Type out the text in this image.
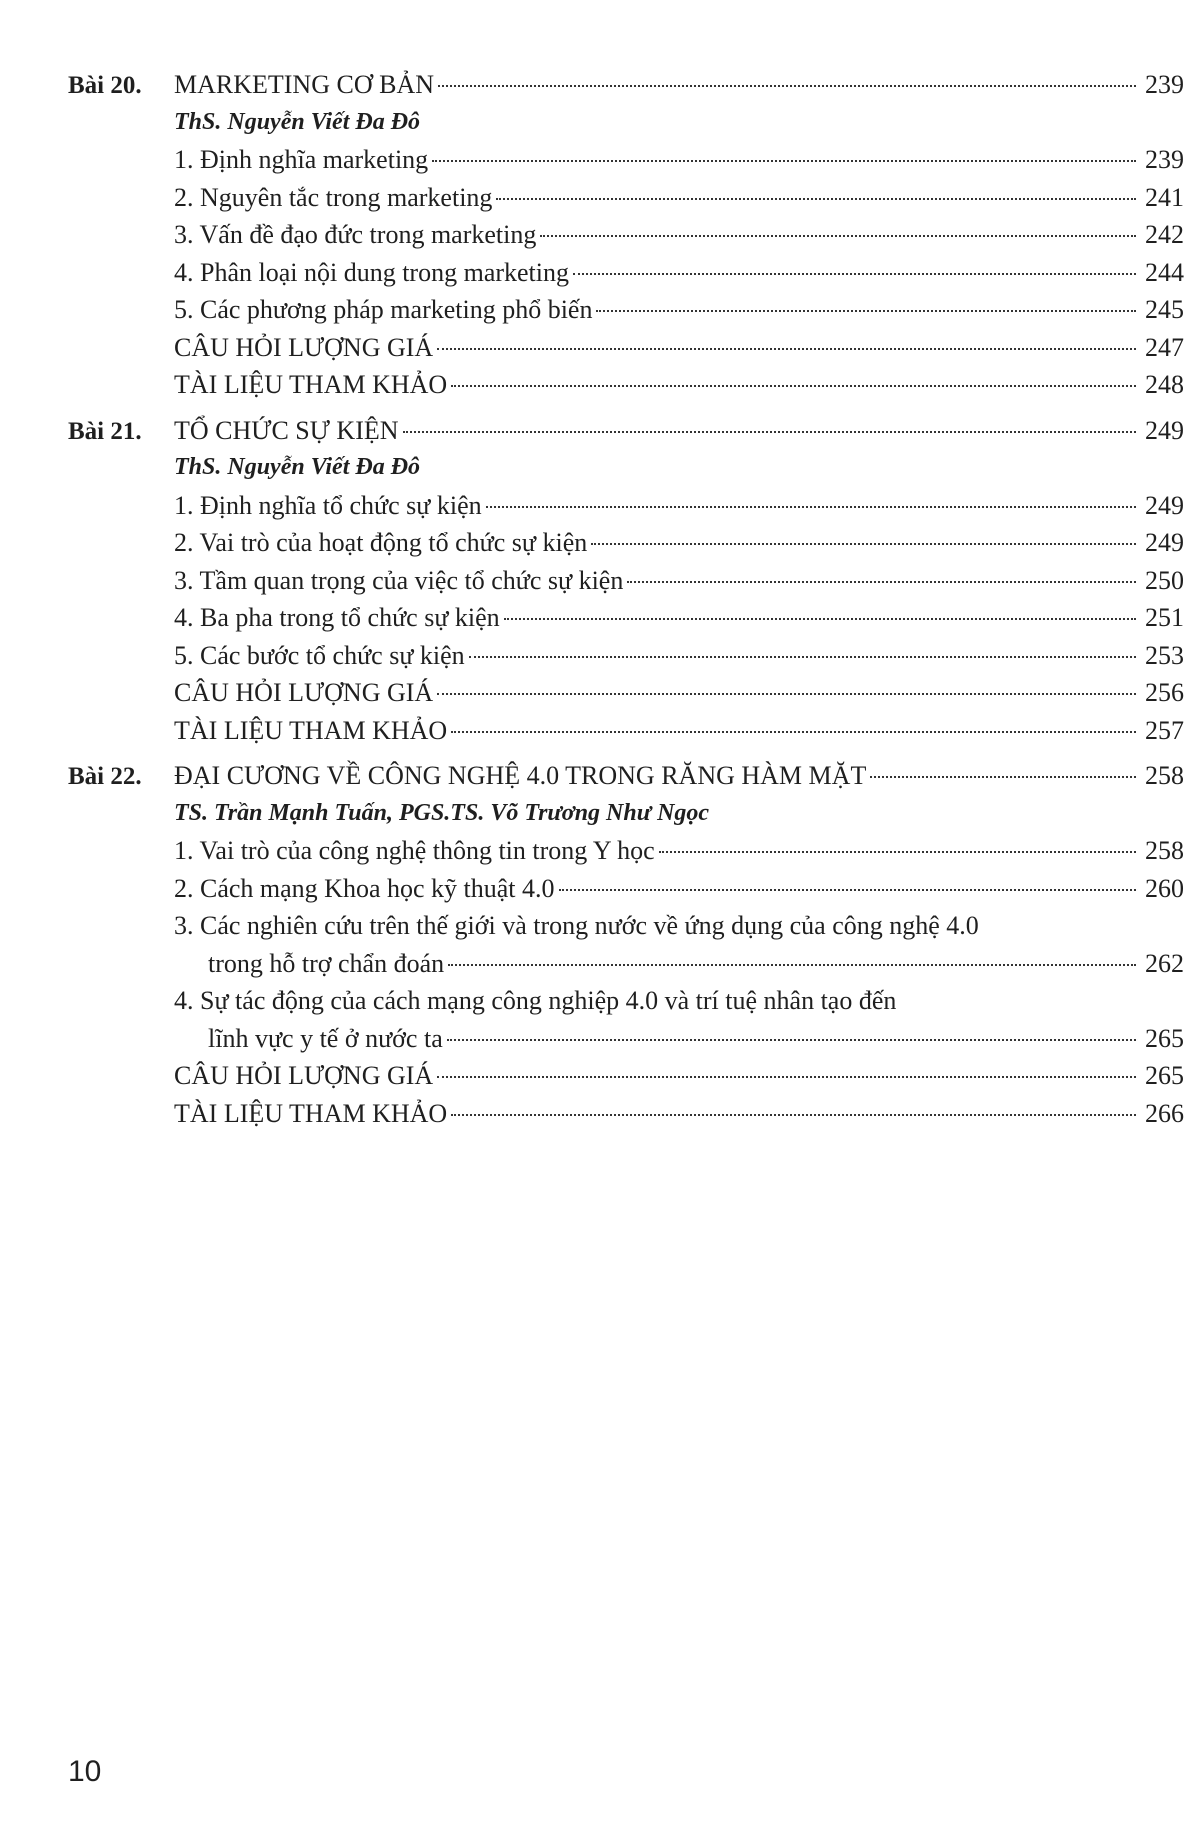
Bài 20.	MARKETING CƠ BẢN	239
ThS. Nguyễn Viết Đa Đô
1. Định nghĩa marketing	239
2. Nguyên tắc trong marketing	241
3. Vấn đề đạo đức trong marketing	242
4. Phân loại nội dung trong marketing	244
5. Các phương pháp marketing phổ biến	245
CÂU HỎI LƯỢNG GIÁ	247
TÀI LIỆU THAM KHẢO	248
Bài 21.	TỔ CHỨC SỰ KIỆN	249
ThS. Nguyễn Viết Đa Đô
1. Định nghĩa tổ chức sự kiện	249
2. Vai trò của hoạt động tổ chức sự kiện	249
3. Tầm quan trọng của việc tổ chức sự kiện	250
4. Ba pha trong tổ chức sự kiện	251
5. Các bước tổ chức sự kiện	253
CÂU HỎI LƯỢNG GIÁ	256
TÀI LIỆU THAM KHẢO	257
Bài 22.	ĐẠI CƯƠNG VỀ CÔNG NGHỆ 4.0 TRONG RĂNG HÀM MẶT	258
TS. Trần Mạnh Tuấn, PGS.TS. Võ Trương Như Ngọc
1. Vai trò của công nghệ thông tin trong Y học	258
2. Cách mạng Khoa học kỹ thuật 4.0	260
3. Các nghiên cứu trên thế giới và trong nước về ứng dụng của công nghệ 4.0
trong hỗ trợ chẩn đoán	262
4. Sự tác động của cách mạng công nghiệp 4.0 và trí tuệ nhân tạo đến
lĩnh vực y tế ở nước ta	265
CÂU HỎI LƯỢNG GIÁ	265
TÀI LIỆU THAM KHẢO	266
10
